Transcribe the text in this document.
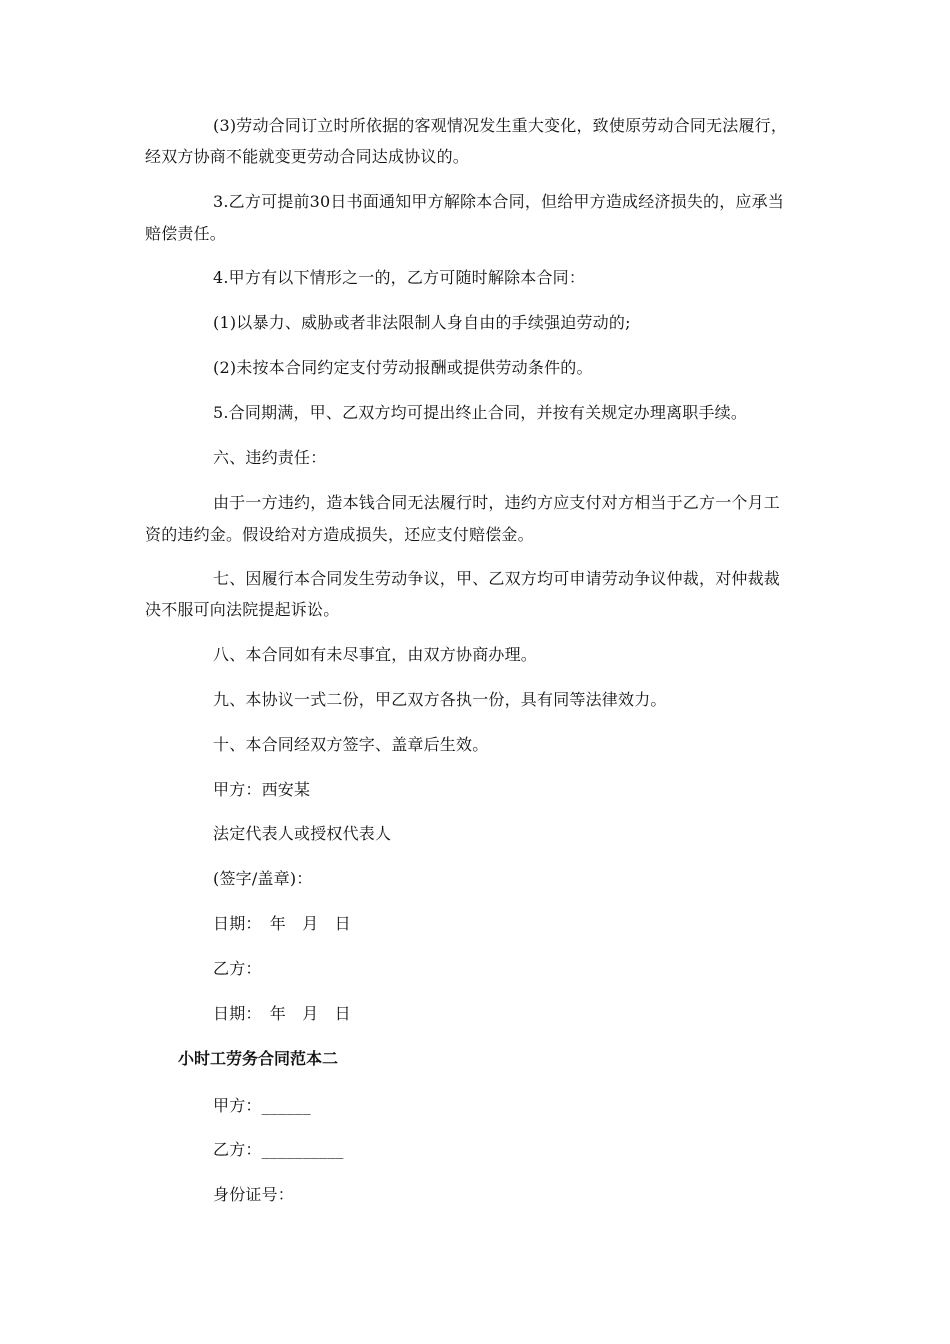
(3)劳动合同订立时所依据的客观情况发生重大变化，致使原劳动合同无法履行，
经双方协商不能就变更劳动合同达成协议的。
3.乙方可提前30日书面通知甲方解除本合同，但给甲方造成经济损失的，应承当
赔偿责任。
4.甲方有以下情形之一的，乙方可随时解除本合同：
(1)以暴力、威胁或者非法限制人身自由的手续强迫劳动的;
(2)未按本合同约定支付劳动报酬或提供劳动条件的。
5.合同期满，甲、乙双方均可提出终止合同，并按有关规定办理离职手续。
六、违约责任：
由于一方违约，造本钱合同无法履行时，违约方应支付对方相当于乙方一个月工
资的违约金。假设给对方造成损失，还应支付赔偿金。
七、因履行本合同发生劳动争议，甲、乙双方均可申请劳动争议仲裁，对仲裁裁
决不服可向法院提起诉讼。
八、本合同如有未尽事宜，由双方协商办理。
九、本协议一式二份，甲乙双方各执一份，具有同等法律效力。
十、本合同经双方签字、盖章后生效。
甲方：西安某
法定代表人或授权代表人
(签字/盖章)：
日期：　年　月　日
乙方：
日期：　年　月　日
小时工劳务合同范本二
甲方：______
乙方：__________
身份证号：
